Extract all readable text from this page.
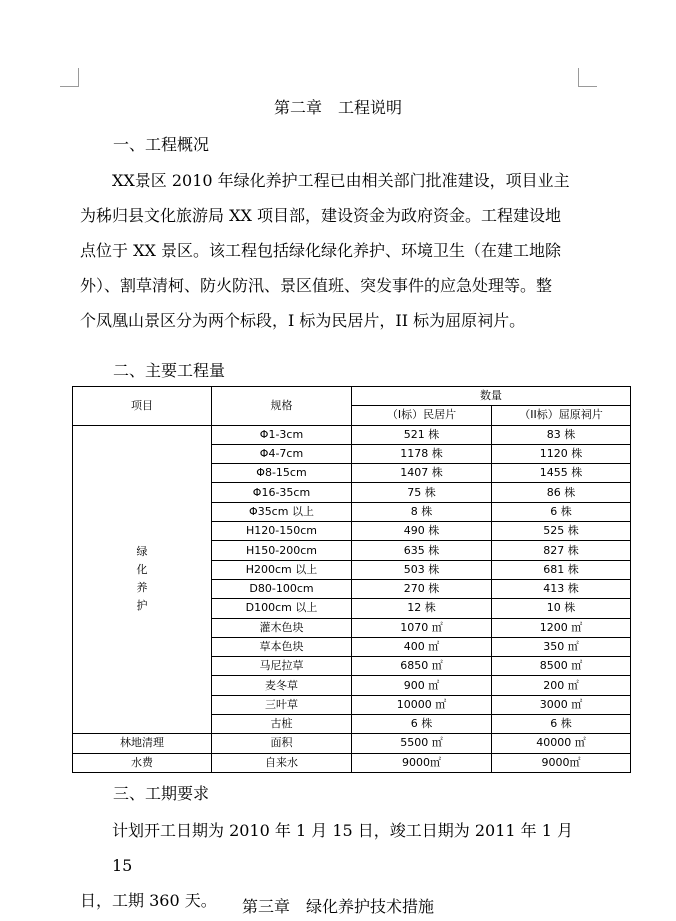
第二章　工程说明
一、工程概况

XX景区 2010 年绿化养护工程已由相关部门批准建设，项目业主

为秭归县文化旅游局 XX 项目部，建设资金为政府资金。工程建设地

点位于 XX 景区。该工程包括绿化绿化养护、环境卫生（在建工地除

外）、割草清柯、防火防汛、景区值班、突发事件的应急处理等。整

个凤凰山景区分为两个标段，I 标为民居片，II 标为屈原祠片。

二、主要工程量
项目	规格	数量	
		（I标）民居片	（II标）屈原祠片

绿
化
养
护	Φ1-3cm	521 株	83 株
	Φ4-7cm	1178 株	1120 株
	Φ8-15cm	1407 株	1455 株
	Φ16-35cm	75 株	86 株
	Φ35cm 以上	8 株	6 株
	H120-150cm	490 株	525 株
	H150-200cm	635 株	827 株
	H200cm 以上	503 株	681 株
	D80-100cm	270 株	413 株
	D100cm 以上	12 株	10 株
	灌木色块	1070 ㎡	1200 ㎡
	草本色块	400 ㎡	350 ㎡
	马尼拉草	6850 ㎡	8500 ㎡
	麦冬草	900 ㎡	200 ㎡
	三叶草	10000 ㎡	3000 ㎡
	古桩	6 株	6 株
林地清理	面积	5500 ㎡	40000 ㎡
水费	自来水	9000㎡	9000㎡
三、工期要求

计划开工日期为 2010 年 1 月 15 日，竣工日期为 2011 年 1 月 15

日，工期 360 天。	第三章　绿化养护技术措施
